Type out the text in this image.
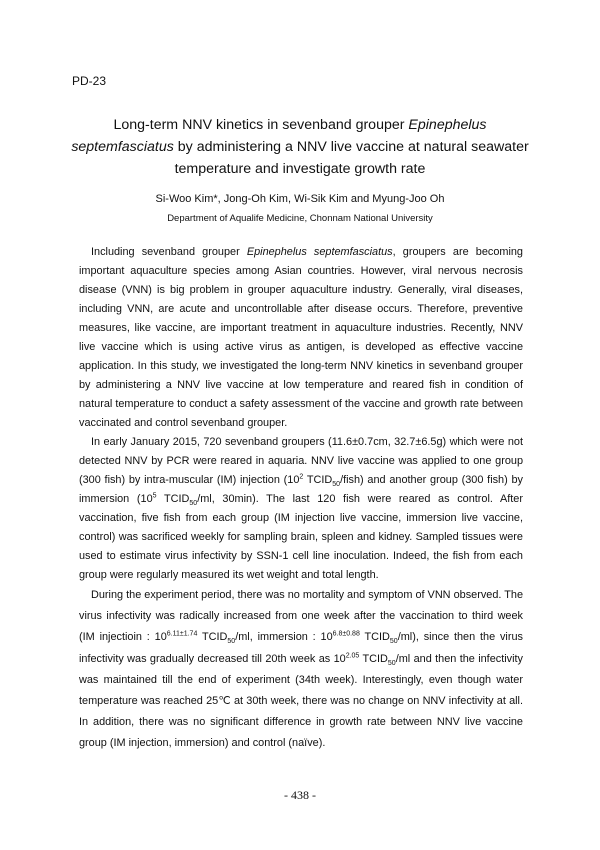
PD-23
Long-term NNV kinetics in sevenband grouper Epinephelus septemfasciatus by administering a NNV live vaccine at natural seawater temperature and investigate growth rate
Si-Woo Kim*, Jong-Oh Kim, Wi-Sik Kim and Myung-Joo Oh
Department of Aqualife Medicine, Chonnam National University

Including sevenband grouper Epinephelus septemfasciatus, groupers are becoming important aquaculture species among Asian countries. However, viral nervous necrosis disease (VNN) is big problem in grouper aquaculture industry. Generally, viral diseases, including VNN, are acute and uncontrollable after disease occurs. Therefore, preventive measures, like vaccine, are important treatment in aquaculture industries. Recently, NNV live vaccine which is using active virus as antigen, is developed as effective vaccine application. In this study, we investigated the long-term NNV kinetics in sevenband grouper by administering a NNV live vaccine at low temperature and reared fish in condition of natural temperature to conduct a safety assessment of the vaccine and growth rate between vaccinated and control sevenband grouper.

In early January 2015, 720 sevenband groupers (11.6±0.7cm, 32.7±6.5g) which were not detected NNV by PCR were reared in aquaria. NNV live vaccine was applied to one group (300 fish) by intra-muscular (IM) injection ($10^2$ $TCID_{50}/fish$) and another group (300 fish) by immersion ($10^5$ $TCID_{50}/ml$, 30min). The last 120 fish were reared as control. After vaccination, five fish from each group (IM injection live vaccine, immersion live vaccine, control) was sacrificed weekly for sampling brain, spleen and kidney. Sampled tissues were used to estimate virus infectivity by SSN-1 cell line inoculation. Indeed, the fish from each group were regularly measured its wet weight and total length.

During the experiment period, there was no mortality and symptom of VNN observed. The virus infectivity was radically increased from one week after the vaccination to third week (IM injectioin : $10^{6.11\pm 1.74}$ $TCID_{50}/ml$, immersion : $10^{6.8\pm 0.88}$ $TCID_{50}/ml$), since then the virus infectivity was gradually decreased till 20th week as $10^{2.05}$ $TCID_{50}/ml$ and then the infectivity was maintained till the end of experiment (34th week). Interestingly, even though water temperature was reached 25℃ at 30th week, there was no change on NNV infectivity at all. In addition, there was no significant difference in growth rate between NNV live vaccine group (IM injection, immersion) and control (naïve).

- 438 -
